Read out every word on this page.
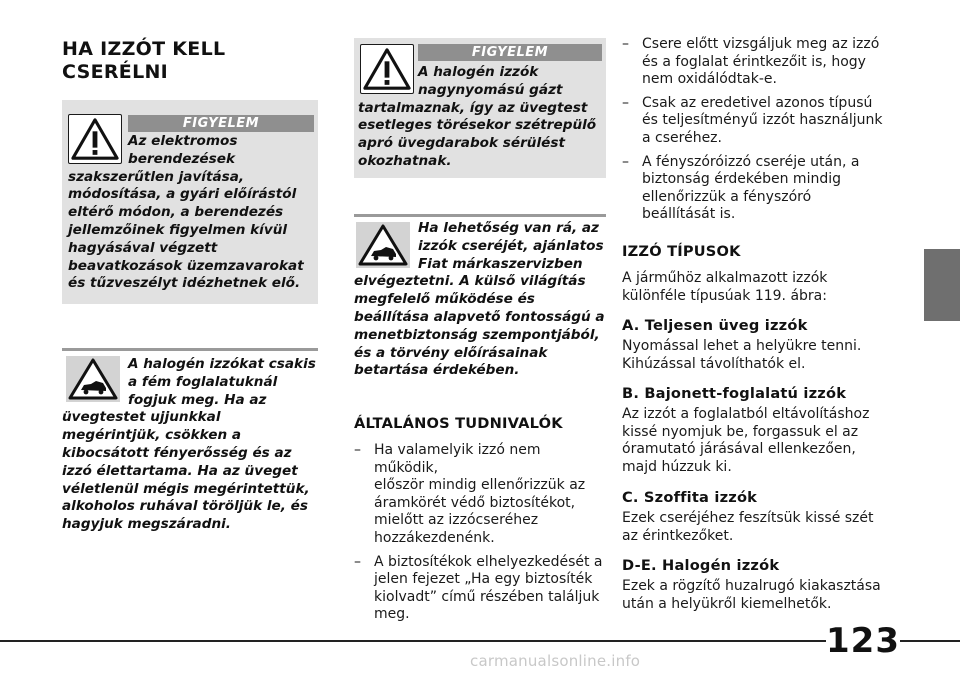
HA IZZÓT KELL
CSERÉLNI
FIGYELEM
Az elektromos
berendezések
szakszerűtlen javítása,
módosítása, a gyári előírástól
eltérő módon, a berendezés
jellemzőinek figyelmen kívül
hagyásával végzett
beavatkozások üzemzavarokat
és tűzveszélyt idézhetnek elő.
A halogén izzókat csakis
a fém foglalatuknál
fogjuk meg. Ha az
üvegtestet ujjunkkal
megérintjük, csökken a
kibocsátott fényerősség és az
izzó élettartama. Ha az üveget
véletlenül mégis megérintettük,
alkoholos ruhával töröljük le, és
hagyjuk megszáradni.
FIGYELEM
A halogén izzók
nagynyomású gázt
tartalmaznak, így az üvegtest
esetleges törésekor szétrepülő
apró üvegdarabok sérülést
okozhatnak.
Ha lehetőség van rá, az
izzók cseréjét, ajánlatos
Fiat márkaszervizben
elvégeztetni. A külső világítás
megfelelő működése és
beállítása alapvető fontosságú a
menetbiztonság szempontjából,
és a törvény előírásainak
betartása érdekében.
ÁLTALÁNOS TUDNIVALÓK
– Ha valamelyik izzó nem működik,
először mindig ellenőrizzük az
áramkörét védő biztosítékot,
mielőtt az izzócseréhez
hozzákezdenénk.
– A biztosítékok elhelyezkedését a
jelen fejezet „Ha egy biztosíték
kiolvadt” című részében találjuk
meg.
– Csere előtt vizsgáljuk meg az izzó
és a foglalat érintkezőit is, hogy
nem oxidálódtak-e.
– Csak az eredetivel azonos típusú
és teljesítményű izzót használjunk
a cseréhez.
– A fényszóróizzó cseréje után, a
biztonság érdekében mindig
ellenőrizzük a fényszóró
beállítását is.
IZZÓ TÍPUSOK
A járműhöz alkalmazott izzók
különféle típusúak 119. ábra:
A. Teljesen üveg izzók
Nyomással lehet a helyükre tenni.
Kihúzással távolíthatók el.
B. Bajonett-foglalatú izzók
Az izzót a foglalatból eltávolításhoz
kissé nyomjuk be, forgassuk el az
óramutató járásával ellenkezően,
majd húzzuk ki.
C. Szoffita izzók
Ezek cseréjéhez feszítsük kissé szét
az érintkezőket.
D-E. Halogén izzók
Ezek a rögzítő huzalrugó kiakasztása
után a helyükről kiemelhetők.
123
carmanualsonline.info
